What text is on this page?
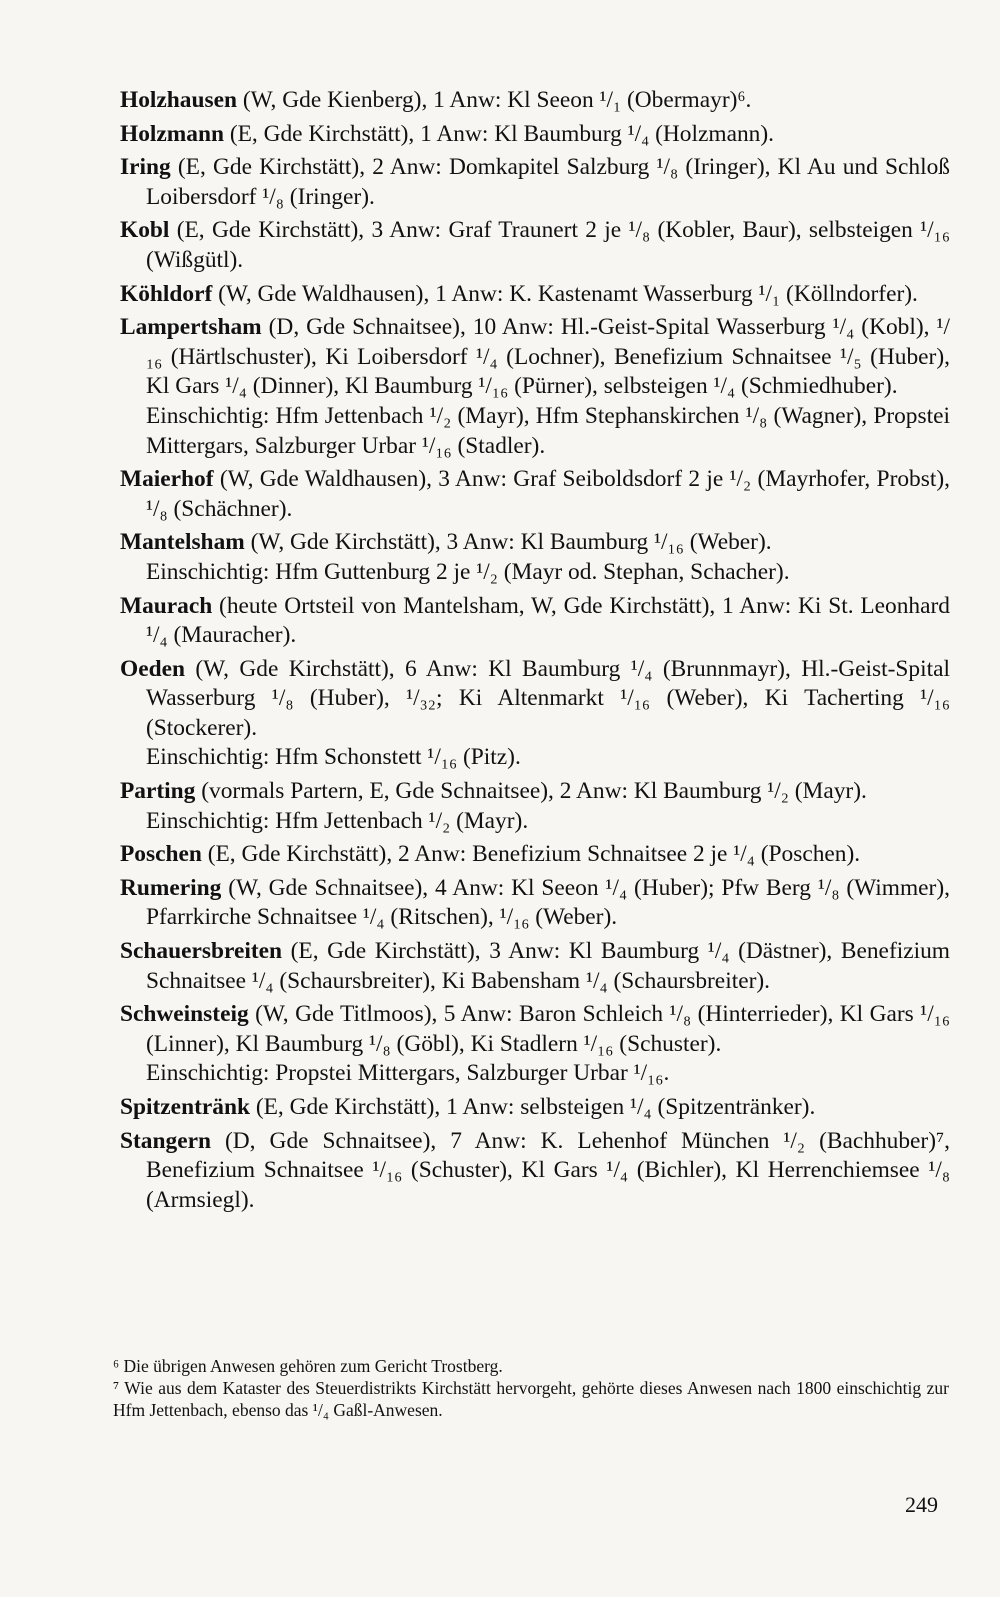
Holzhausen (W, Gde Kienberg), 1 Anw: Kl Seeon ¹/₁ (Obermayr)⁶.

Holzmann (E, Gde Kirchstätt), 1 Anw: Kl Baumburg ¹/₄ (Holzmann).

Iring (E, Gde Kirchstätt), 2 Anw: Domkapitel Salzburg ¹/₈ (Iringer), Kl Au und Schloß Loibersdorf ¹/₈ (Iringer).

Kobl (E, Gde Kirchstätt), 3 Anw: Graf Traunert 2 je ¹/₈ (Kobler, Baur), selbsteigen ¹/₁₆ (Wißgütl).

Köhldorf (W, Gde Waldhausen), 1 Anw: K. Kastenamt Wasserburg ¹/₁ (Köllndorfer).

Lampertsham (D, Gde Schnaitsee), 10 Anw: Hl.-Geist-Spital Wasserburg ¹/₄ (Kobl), ¹/₁₆ (Härtlschuster), Ki Loibersdorf ¹/₄ (Lochner), Benefizium Schnaitsee ¹/₅ (Huber), Kl Gars ¹/₄ (Dinner), Kl Baumburg ¹/₁₆ (Pürner), selbsteigen ¹/₄ (Schmiedhuber).
Einschichtig: Hfm Jettenbach ¹/₂ (Mayr), Hfm Stephanskirchen ¹/₈ (Wagner), Propstei Mittergars, Salzburger Urbar ¹/₁₆ (Stadler).

Maierhof (W, Gde Waldhausen), 3 Anw: Graf Seiboldsdorf 2 je ¹/₂ (Mayrhofer, Probst), ¹/₈ (Schächner).

Mantelsham (W, Gde Kirchstätt), 3 Anw: Kl Baumburg ¹/₁₆ (Weber).
Einschichtig: Hfm Guttenburg 2 je ¹/₂ (Mayr od. Stephan, Schacher).

Maurach (heute Ortsteil von Mantelsham, W, Gde Kirchstätt), 1 Anw: Ki St. Leonhard ¹/₄ (Mauracher).

Oeden (W, Gde Kirchstätt), 6 Anw: Kl Baumburg ¹/₄ (Brunnmayr), Hl.-Geist-Spital Wasserburg ¹/₈ (Huber), ¹/₃₂; Ki Altenmarkt ¹/₁₆ (Weber), Ki Tacherting ¹/₁₆ (Stockerer).
Einschichtig: Hfm Schonstett ¹/₁₆ (Pitz).

Parting (vormals Partern, E, Gde Schnaitsee), 2 Anw: Kl Baumburg ¹/₂ (Mayr).
Einschichtig: Hfm Jettenbach ¹/₂ (Mayr).

Poschen (E, Gde Kirchstätt), 2 Anw: Benefizium Schnaitsee 2 je ¹/₄ (Poschen).

Rumering (W, Gde Schnaitsee), 4 Anw: Kl Seeon ¹/₄ (Huber); Pfw Berg ¹/₈ (Wimmer), Pfarrkirche Schnaitsee ¹/₄ (Ritschen), ¹/₁₆ (Weber).

Schauersbreiten (E, Gde Kirchstätt), 3 Anw: Kl Baumburg ¹/₄ (Dästner), Benefizium Schnaitsee ¹/₄ (Schaursbreiter), Ki Babensham ¹/₄ (Schaursbreiter).

Schweinsteig (W, Gde Titlmoos), 5 Anw: Baron Schleich ¹/₈ (Hinterrieder), Kl Gars ¹/₁₆ (Linner), Kl Baumburg ¹/₈ (Göbl), Ki Stadlern ¹/₁₆ (Schuster).
Einschichtig: Propstei Mittergars, Salzburger Urbar ¹/₁₆.

Spitzentränk (E, Gde Kirchstätt), 1 Anw: selbsteigen ¹/₄ (Spitzentränker).

Stangern (D, Gde Schnaitsee), 7 Anw: K. Lehenhof München ¹/₂ (Bachhuber)⁷, Benefizium Schnaitsee ¹/₁₆ (Schuster), Kl Gars ¹/₄ (Bichler), Kl Herrenchiemsee ¹/₈ (Armsiegl).

⁶ Die übrigen Anwesen gehören zum Gericht Trostberg.

⁷ Wie aus dem Kataster des Steuerdistrikts Kirchstätt hervorgeht, gehörte dieses Anwesen nach 1800 einschichtig zur Hfm Jettenbach, ebenso das ¹/₄ Gaßl-Anwesen.

249
